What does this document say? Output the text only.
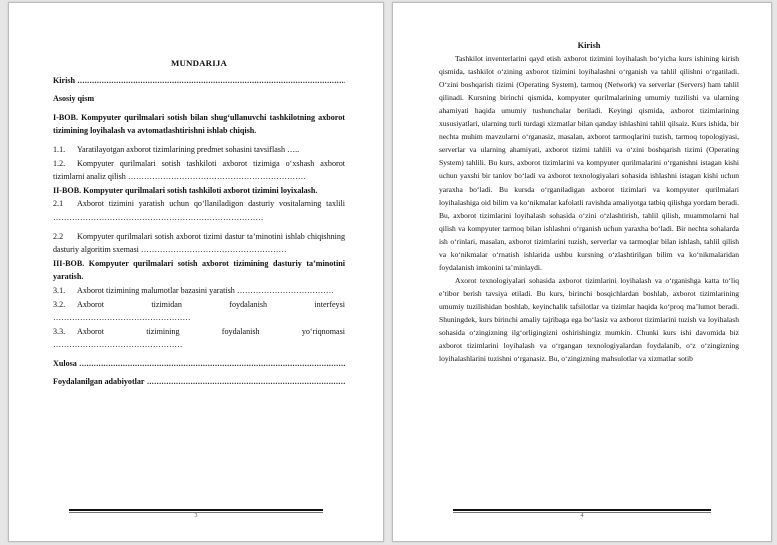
MUNDARIJA
Kirish .....
Asosiy qism
I-BOB. Kompyuter qurilmalari sotish bilan shug‘ullanuvchi tashkilotning axborot tizimining loyihalash va avtomatlashtirishni ishlab chiqish.
1.1. Yaratilayotgan axborot tizimlarining predmet sohasini tavsiflash …..
1.2. Kompyuter qurilmalari sotish tashkiloti axborot tizimiga o‘xshash axborot tizimlarni analiz qilish …………………………………………………………
II-BOB. Kompyuter qurilmalari sotish tashkiloti axborot tizimini loyixalash.
2.1 Axborot tizimini yaratish uchun qo‘llaniladigon dasturiy vositalarning taxlili ……………………………………………………………………
2.2 Kompyuter qurilmalari sotish axborot tizimi dastur ta’minotini ishlab chiqishning dasturiy algoritim sxemasi ………………………………………………
III-BOB. Kompyuter qurilmalari sotish axborot tizimining dasturiy ta’minotini yaratish.
3.1. Axborot tizimining malumotlar bazasini yaratish ………………………………
3.2. Axborot tizimidan foydalanish interfeysi ……………………………………………
3.3. Axborot tizimining foydalanish yo‘riqnomasi …………………………………………
Xulosa .....
Foydalanilgan adabiyotlar .....
3
Kirish

Tashkilot inventerlarini qayd etish axborot tizimini loyihalash bo‘yicha kurs ishining kirish qismida, tashkilot o‘zining axborot tizimini loyihalashni o‘rganish va tahlil qilishni o‘rgatiladi. O‘zini boshqarish tizimi (Operating System), tarmoq (Network) va serverlar (Servers) ham tahlil qilinadi. Kursning birinchi qismida, kompyuter qurilmalarining umumiy tuzilishi va ularning ahamiyati haqida umumiy tushunchalar beriladi. Keyingi qismida, axborot tizimlarining xususiyatlari, ularning turli turdagi xizmatlar bilan qanday ishlashini tahlil qilsaiz. Kurs ishida, bir nechta muhim mavzularni o‘rganasiz, masalan, axborot tarmoqlarini tuzish, tarmoq topologiyasi, serverlar va ularning ahamiyati, axborot tizimi tahlili va o‘zini boshqarish tizimi (Operating System) tahlili. Bu kurs, axborot tizimlarini va kompyuter qurilmalarini o‘rganishni istagan kishi uchun yaxshi bir tanlov bo‘ladi va axborot texnologiyalari sohasida ishlashni istagan kishi uchun yaraxha bo‘ladi. Bu kursda o‘rganiladigan axborot tizimlari va kompyuter qurilmalari loyihalashiga oid bilim va ko‘nikmalar kafolatli ravishda amaliyotga tatbiq qilishga yordam beradi. Bu, axborot tizimlarini loyihalash sohasida o‘zini o‘zlashtirish, tahlil qilish, muammolarni hal qilish va kompyuter tarmoq bilan ishlashni o‘rganish uchun yaraxha bo‘ladi. Bir nechta sohalarda ish o‘rinlari, masalan, axborot tizimlarini tuzish, serverlar va tarmoqlar bilan ishlash, tahlil qilish va ko‘nikmalar o‘rnatish ishlarida ushbu kursning o‘zlashtirilgan bilim va ko‘nikmalaridan foydalanish imkonini ta’minlaydi.

Axorot texnologiyalari sohasida axborot tizimlarini loyihalash va o‘rganishga katta to‘liq e’tibor berish tavsiya etiladi. Bu kurs, birinchi bosqichlardan boshlab, axborot tizimlarining umumiy tuzilishidan boshlab, keyinchalik tafsilotlar va tizimlar haqida ko‘proq ma’lumot beradi. Shuningdek, kurs birinchi amaliy tajribaga ega bo‘lasiz va axborot tizimlarini tuzish va loyihalash sohasida o‘zingizning ilg‘orligingizni oshirishingiz mumkin. Chunki kurs ishi davomida biz axborot tizimlarini loyihalash va o‘rgangan texnologiyalardan foydalanib, o‘z o‘zingizning loyihalashlarini tuzishni o‘rganasiz. Bu, o‘zingizning mahsulotlar va xizmatlar sotib

4
